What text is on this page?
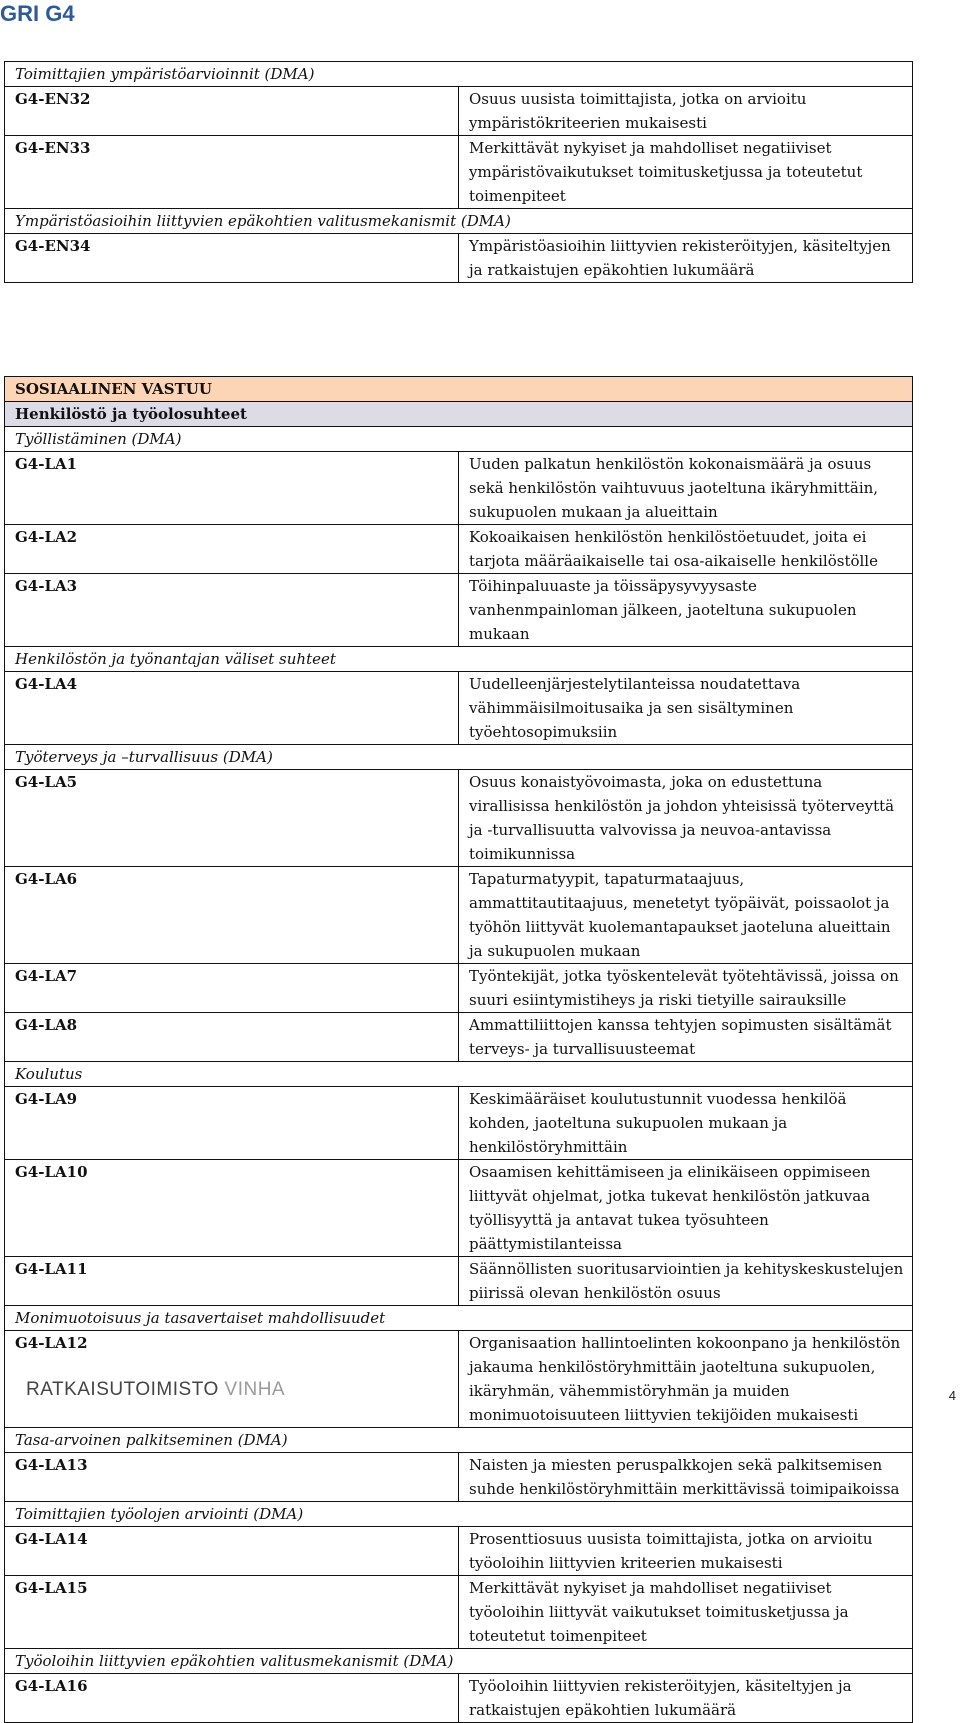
GRI G4
Toimittajien ympäristöarvioinnit (DMA)	
G4-EN32	Osuus uusista toimittajista, jotka on arvioitu ympäristökriteerien mukaisesti
G4-EN33	Merkittävät nykyiset ja mahdolliset negatiiviset ympäristövaikutukset toimitusketjussa ja toteutetut toimenpiteet
Ympäristöasioihin liittyvien epäkohtien valitusmekanismit (DMA)	
G4-EN34	Ympäristöasioihin liittyvien rekisteröityjen, käsiteltyjen ja ratkaistujen epäkohtien lukumäärä
SOSIAALINEN VASTUU	
Henkilöstö ja työolosuhteet	
Työllistäminen (DMA)	
G4-LA1	Uuden palkatun henkilöstön kokonaismäärä ja osuus sekä henkilöstön vaihtuvuus jaoteltuna ikäryhmittäin, sukupuolen mukaan ja alueittain
G4-LA2	Kokoaikaisen henkilöstön henkilöstöetuudet, joita ei tarjota määräaikaiselle tai osa-aikaiselle henkilöstölle
G4-LA3	Töihinpaluuaste ja töissäpysyvyysaste vanhenmpainloman jälkeen, jaoteltuna sukupuolen mukaan
Henkilöstön ja työnantajan väliset suhteet	
G4-LA4	Uudelleenjärjestelytilanteissa noudatettava vähimmäisilmoitusaika ja sen sisältyminen työehtosopimuksiin
Työterveys ja –turvallisuus (DMA)	
G4-LA5	Osuus konaistyövoimasta, joka on edustettuna virallisissa henkilöstön ja johdon yhteisissä työterveyttä ja -turvallisuutta valvovissa ja neuvoa-antavissa toimikunnissa
G4-LA6	Tapaturmatyypit, tapaturmataajuus, ammattitautitaajuus, menetetyt työpäivät, poissaolot ja työhön liittyvät kuolemantapaukset jaoteluna alueittain ja sukupuolen mukaan
G4-LA7	Työntekijät, jotka työskentelevät työtehtävissä, joissa on suuri esiintymistiheys ja riski tietyille sairauksille
G4-LA8	Ammattiliittojen kanssa tehtyjen sopimusten sisältämät terveys- ja turvallisuusteemat
Koulutus	
G4-LA9	Keskimääräiset koulutustunnit vuodessa henkilöä kohden, jaoteltuna sukupuolen mukaan ja henkilöstöryhmittäin
G4-LA10	Osaamisen kehittämiseen ja elinikäiseen oppimiseen liittyvät ohjelmat, jotka tukevat henkilöstön jatkuvaa työllisyyttä ja antavat tukea työsuhteen päättymistilanteissa
G4-LA11	Säännöllisten suoritusarviointien ja kehityskeskustelujen piirissä olevan henkilöstön osuus
Monimuotoisuus ja tasavertaiset mahdollisuudet	
G4-LA12	Organisaation hallintoelinten kokoonpano ja henkilöstön jakauma henkilöstöryhmittäin jaoteltuna sukupuolen, ikäryhmän, vähemmistöryhmän ja muiden monimuotoisuuteen liittyvien tekijöiden mukaisesti
Tasa-arvoinen palkitseminen (DMA)	
G4-LA13	Naisten ja miesten peruspalkkojen sekä palkitsemisen suhde henkilöstöryhmittäin merkittävissä toimipaikoissa
Toimittajien työolojen arviointi (DMA)	
G4-LA14	Prosenttiosuus uusista toimittajista, jotka on arvioitu työoloihin liittyvien kriteerien mukaisesti
G4-LA15	Merkittävät nykyiset ja mahdolliset negatiiviset työoloihin liittyvät vaikutukset toimitusketjussa ja toteutetut toimenpiteet
Työoloihin liittyvien epäkohtien valitusmekanismit (DMA)	
G4-LA16	Työoloihin liittyvien rekisteröityjen, käsiteltyjen ja ratkaistujen epäkohtien lukumäärä
RATKAISUTOIMISTO VINHA	4
